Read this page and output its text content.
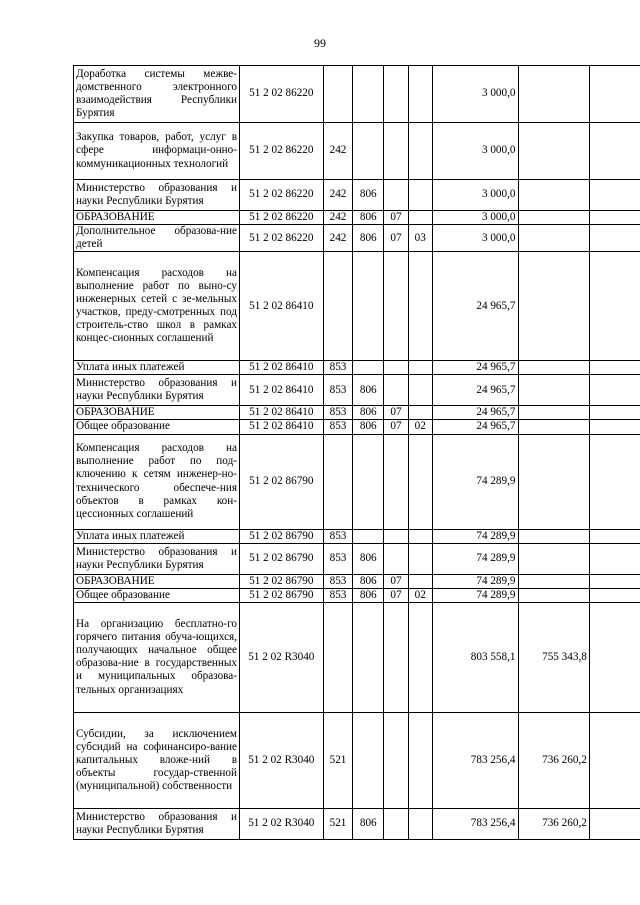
99
Доработка системы межве-домственного электронного взаимодействия Республики Бурятия	51 2 02 86220					3 000,0		
Закупка товаров, работ, услуг в сфере информаци-онно-коммуникационных технологий	51 2 02 86220	242				3 000,0		
Министерство образования и науки Республики Бурятия	51 2 02 86220	242	806			3 000,0		
ОБРАЗОВАНИЕ	51 2 02 86220	242	806	07		3 000,0		
Дополнительное образова-ние детей	51 2 02 86220	242	806	07	03	3 000,0		
Компенсация расходов на выполнение работ по выно-су инженерных сетей с зе-мельных участков, преду-смотренных под строитель-ство школ в рамках концес-сионных соглашений	51 2 02 86410					24 965,7		
Уплата иных платежей	51 2 02 86410	853				24 965,7		
Министерство образования и науки Республики Бурятия	51 2 02 86410	853	806			24 965,7		
ОБРАЗОВАНИЕ	51 2 02 86410	853	806	07		24 965,7		
Общее образование	51 2 02 86410	853	806	07	02	24 965,7		
Компенсация расходов на выполнение работ по под-ключению к сетям инженер-но-технического обеспече-ния объектов в рамках кон-цессионных соглашений	51 2 02 86790					74 289,9		
Уплата иных платежей	51 2 02 86790	853				74 289,9		
Министерство образования и науки Республики Бурятия	51 2 02 86790	853	806			74 289,9		
ОБРАЗОВАНИЕ	51 2 02 86790	853	806	07		74 289,9		
Общее образование	51 2 02 86790	853	806	07	02	74 289,9		
На организацию бесплатно-го горячего питания обуча-ющихся, получающих начальное общее образова-ние в государственных и муниципальных образова-тельных организациях	51 2 02 R3040					803 558,1	755 343,8	
Субсидии, за исключением субсидий на софинансиро-вание капитальных вложе-ний в объекты государ-ственной (муниципальной) собственности	51 2 02 R3040	521				783 256,4	736 260,2	
Министерство образования и науки Республики Бурятия	51 2 02 R3040	521	806			783 256,4	736 260,2	
